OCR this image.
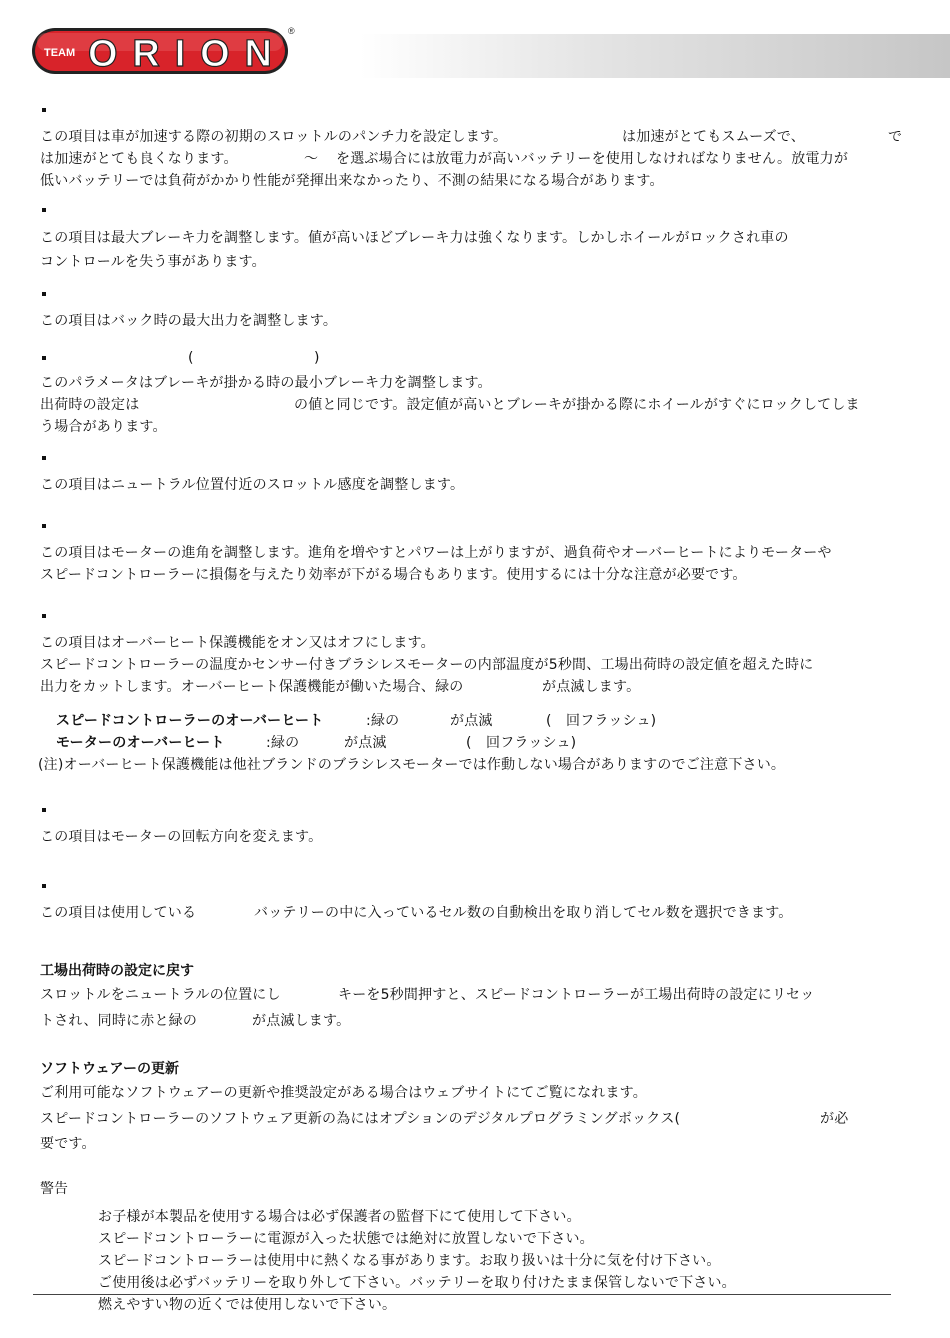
TEAM ORION
®
この項目は車が加速する際の初期のスロットルのパンチ力を設定します。	は加速がとてもスムーズで、	で
は加速がとても良くなります。	〜 を選ぶ場合には放電力が高いバッテリーを使用しなければなりません。放電力が
低いバッテリーでは負荷がかかり性能が発揮出来なかったり、不測の結果になる場合があります。
この項目は最大ブレーキ力を調整します。値が高いほどブレーキ力は強くなります。しかしホイールがロックされ車の
コントロールを失う事があります。
この項目はバック時の最大出力を調整します。
(	)
このパラメータはブレーキが掛かる時の最小ブレーキ力を調整します。
出荷時の設定は	の値と同じです。設定値が高いとブレーキが掛かる際にホイールがすぐにロックしてしま
う場合があります。
この項目はニュートラル位置付近のスロットル感度を調整します。
この項目はモーターの進角を調整します。進角を増やすとパワーは上がりますが、過負荷やオーバーヒートによりモーターや
スピードコントローラーに損傷を与えたり効率が下がる場合もあります。使用するには十分な注意が必要です。
この項目はオーバーヒート保護機能をオン又はオフにします。
スピードコントローラーの温度かセンサー付きブラシレスモーターの内部温度が5秒間、工場出荷時の設定値を超えた時に
出力をカットします。オーバーヒート保護機能が働いた場合、緑の	が点滅します。
スピードコントローラーのオーバーヒート	:緑の	が点滅	( 回フラッシュ)
モーターのオーバーヒート	:緑の	が点滅	( 回フラッシュ)
(注)オーバーヒート保護機能は他社ブランドのブラシレスモーターでは作動しない場合がありますのでご注意下さい。
この項目はモーターの回転方向を変えます。
この項目は使用している	バッテリーの中に入っているセル数の自動検出を取り消してセル数を選択できます。
工場出荷時の設定に戻す
スロットルをニュートラルの位置にし	キーを5秒間押すと、スピードコントローラーが工場出荷時の設定にリセッ
トされ、同時に赤と緑の	が点滅します。
ソフトウェアーの更新
ご利用可能なソフトウェアーの更新や推奨設定がある場合はウェブサイトにてご覧になれます。
スピードコントローラーのソフトウェア更新の為にはオプションのデジタルプログラミングボックス(	が必
要です。
警告
お子様が本製品を使用する場合は必ず保護者の監督下にて使用して下さい。
スピードコントローラーに電源が入った状態では絶対に放置しないで下さい。
スピードコントローラーは使用中に熱くなる事があります。お取り扱いは十分に気を付け下さい。
ご使用後は必ずバッテリーを取り外して下さい。バッテリーを取り付けたまま保管しないで下さい。
燃えやすい物の近くでは使用しないで下さい。
